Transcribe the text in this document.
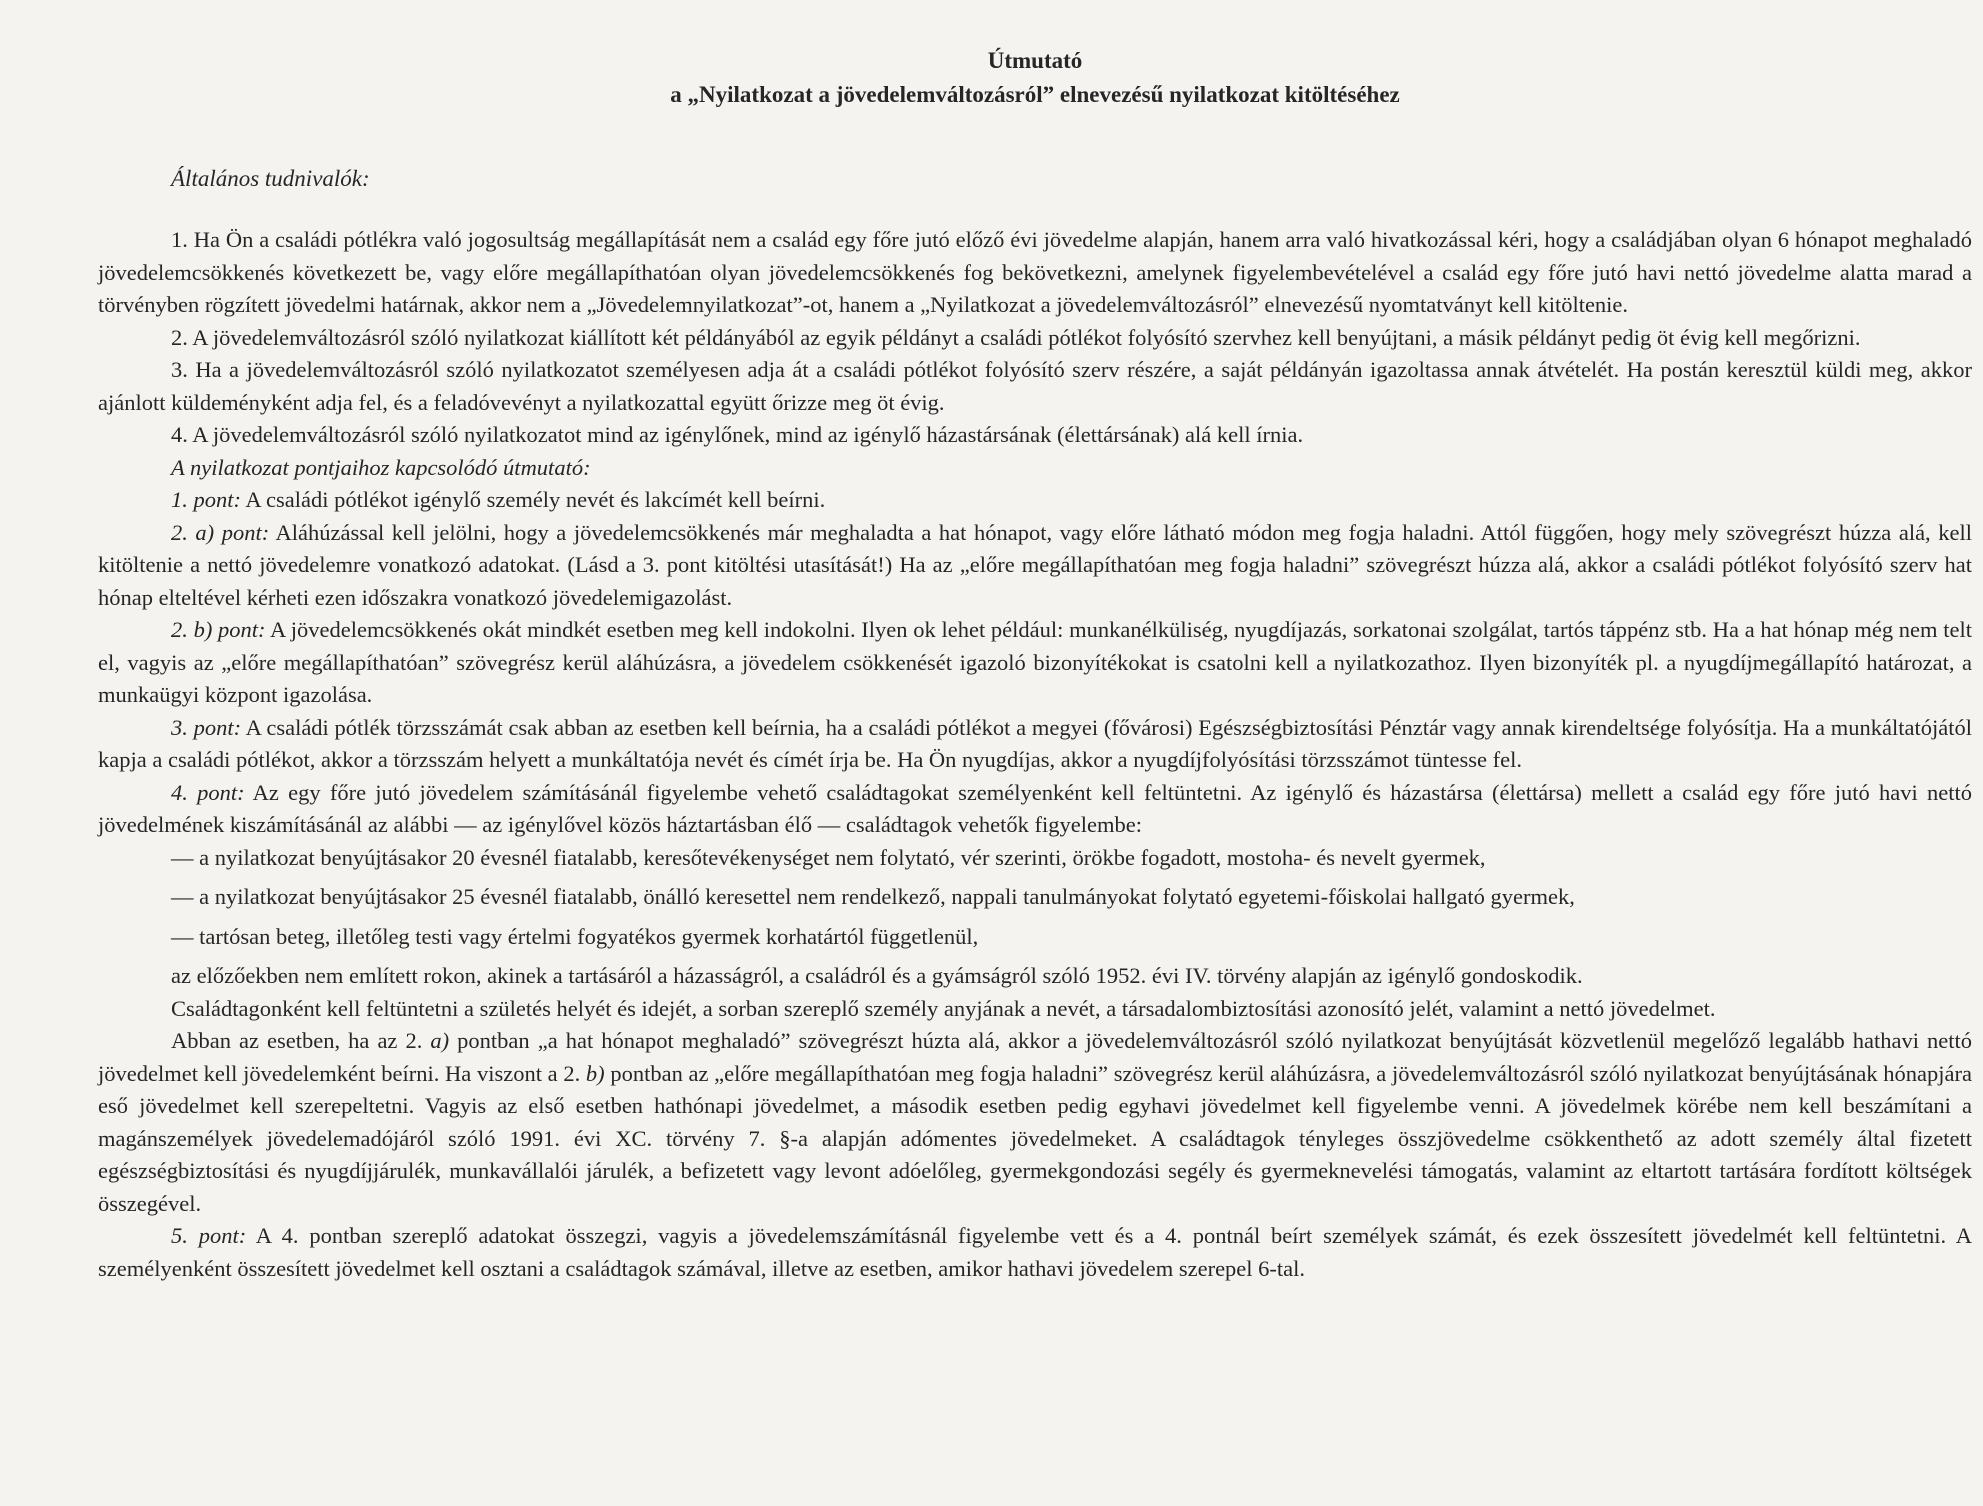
Útmutató
a „Nyilatkozat a jövedelemváltozásról” elnevezésű nyilatkozat kitöltéséhez
Általános tudnivalók:

1. Ha Ön a családi pótlékra való jogosultság megállapítását nem a család egy főre jutó előző évi jövedelme alapján, hanem arra való hivatkozással kéri, hogy a családjában olyan 6 hónapot meghaladó jövedelemcsökkenés következett be, vagy előre megállapíthatóan olyan jövedelemcsökkenés fog bekövetkezni, amelynek figyelembevételével a család egy főre jutó havi nettó jövedelme alatta marad a törvényben rögzített jövedelmi határnak, akkor nem a „Jövedelemnyilatkozat”-ot, hanem a „Nyilatkozat a jövedelemváltozásról” elnevezésű nyomtatványt kell kitöltenie.

2. A jövedelemváltozásról szóló nyilatkozat kiállított két példányából az egyik példányt a családi pótlékot folyósító szervhez kell benyújtani, a másik példányt pedig öt évig kell megőrizni.

3. Ha a jövedelemváltozásról szóló nyilatkozatot személyesen adja át a családi pótlékot folyósító szerv részére, a saját példányán igazoltassa annak átvételét. Ha postán keresztül küldi meg, akkor ajánlott küldeményként adja fel, és a feladóvevényt a nyilatkozattal együtt őrizze meg öt évig.

4. A jövedelemváltozásról szóló nyilatkozatot mind az igénylőnek, mind az igénylő házastársának (élettársának) alá kell írnia.

A nyilatkozat pontjaihoz kapcsolódó útmutató:

1. pont: A családi pótlékot igénylő személy nevét és lakcímét kell beírni.

2. a) pont: Aláhúzással kell jelölni, hogy a jövedelemcsökkenés már meghaladta a hat hónapot, vagy előre látható módon meg fogja haladni. Attól függően, hogy mely szövegrészt húzza alá, kell kitöltenie a nettó jövedelemre vonatkozó adatokat. (Lásd a 3. pont kitöltési utasítását!) Ha az „előre megállapíthatóan meg fogja haladni” szövegrészt húzza alá, akkor a családi pótlékot folyósító szerv hat hónap elteltével kérheti ezen időszakra vonatkozó jövedelemigazolást.

2. b) pont: A jövedelemcsökkenés okát mindkét esetben meg kell indokolni. Ilyen ok lehet például: munkanélküliség, nyugdíjazás, sorkatonai szolgálat, tartós táppénz stb. Ha a hat hónap még nem telt el, vagyis az „előre megállapíthatóan” szövegrész kerül aláhúzásra, a jövedelem csökkenését igazoló bizonyítékokat is csatolni kell a nyilatkozathoz. Ilyen bizonyíték pl. a nyugdíjmegállapító határozat, a munkaügyi központ igazolása.

3. pont: A családi pótlék törzsszámát csak abban az esetben kell beírnia, ha a családi pótlékot a megyei (fővárosi) Egészségbiztosítási Pénztár vagy annak kirendeltsége folyósítja. Ha a munkáltatójától kapja a családi pótlékot, akkor a törzsszám helyett a munkáltatója nevét és címét írja be. Ha Ön nyugdíjas, akkor a nyugdíjfolyósítási törzsszámot tüntesse fel.

4. pont: Az egy főre jutó jövedelem számításánál figyelembe vehető családtagokat személyenként kell feltüntetni. Az igénylő és házastársa (élettársa) mellett a család egy főre jutó havi nettó jövedelmének kiszámításánál az alábbi — az igénylővel közös háztartásban élő — családtagok vehetők figyelembe:

— a nyilatkozat benyújtásakor 20 évesnél fiatalabb, keresőtevékenységet nem folytató, vér szerinti, örökbe fogadott, mostoha- és nevelt gyermek,

— a nyilatkozat benyújtásakor 25 évesnél fiatalabb, önálló keresettel nem rendelkező, nappali tanulmányokat folytató egyetemi-főiskolai hallgató gyermek,

— tartósan beteg, illetőleg testi vagy értelmi fogyatékos gyermek korhatártól függetlenül,

az előzőekben nem említett rokon, akinek a tartásáról a házasságról, a családról és a gyámságról szóló 1952. évi IV. törvény alapján az igénylő gondoskodik.

Családtagonként kell feltüntetni a születés helyét és idejét, a sorban szereplő személy anyjának a nevét, a társadalombiztosítási azonosító jelét, valamint a nettó jövedelmet.

Abban az esetben, ha az 2. a) pontban „a hat hónapot meghaladó” szövegrészt húzta alá, akkor a jövedelemváltozásról szóló nyilatkozat benyújtását közvetlenül megelőző legalább hathavi nettó jövedelmet kell jövedelemként beírni. Ha viszont a 2. b) pontban az „előre megállapíthatóan meg fogja haladni” szövegrész kerül aláhúzásra, a jövedelemváltozásról szóló nyilatkozat benyújtásának hónapjára eső jövedelmet kell szerepeltetni. Vagyis az első esetben hathónapi jövedelmet, a második esetben pedig egyhavi jövedelmet kell figyelembe venni. A jövedelmek körébe nem kell beszámítani a magánszemélyek jövedelemadójáról szóló 1991. évi XC. törvény 7. §-a alapján adómentes jövedelmeket. A családtagok tényleges összjövedelme csökkenthető az adott személy által fizetett egészségbiztosítási és nyugdíjjárulék, munkavállalói járulék, a befizetett vagy levont adóelőleg, gyermekgondozási segély és gyermeknevelési támogatás, valamint az eltartott tartására fordított költségek összegével.

5. pont: A 4. pontban szereplő adatokat összegzi, vagyis a jövedelemszámításnál figyelembe vett és a 4. pontnál beírt személyek számát, és ezek összesített jövedelmét kell feltüntetni. A személyenként összesített jövedelmet kell osztani a családtagok számával, illetve az esetben, amikor hathavi jövedelem szerepel 6-tal.
